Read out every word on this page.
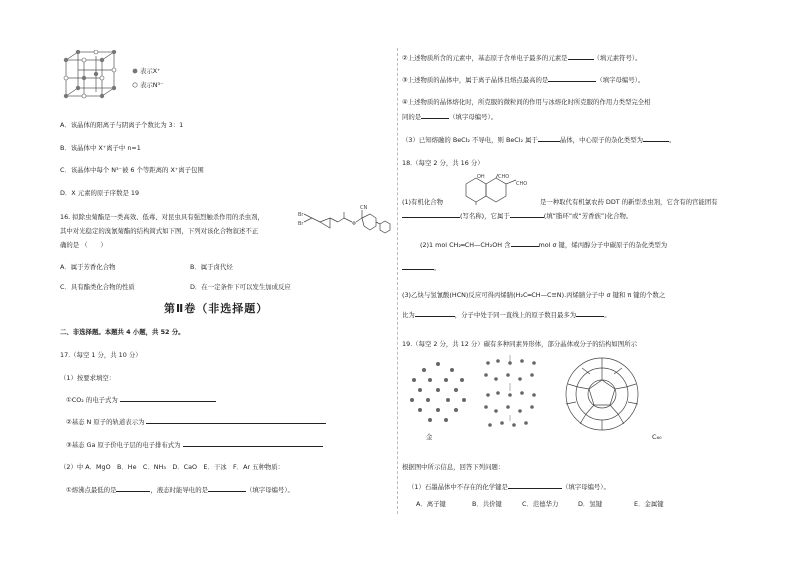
表示X⁺
表示N³⁻
A．该晶体的阳离子与阴离子个数比为 3：1
B．该晶体中 X⁺离子中 n=1
C．该晶体中每个 N³⁻被 6 个等距离的 X⁺离子包围
D．X 元素的原子序数是 19
16. 拟除虫菊酯是一类高效、低毒、对昆虫具有强烈触杀作用的杀虫剂，
其中对光稳定的溴氰菊酯的结构简式如下图，下列对该化合物叙述不正
确的是 （　　）
Br
Br
CN
A．属于芳香化合物	B．属于卤代烃
C．具有酯类化合物的性质	D．在一定条件下可以发生加成反应
第Ⅱ卷（非选择题）
二、非选择题。本题共 4 小题，共 52 分。
17.（每空 1 分，共 10 分）
（1）按要求填空：
①CO₂ 的电子式为
②基态 N 原子的轨道表示为
③基态 Ga 原子价电子层的电子排布式为
（2）中 A．MgO　B．He　C．NH₃　D．CaO　E．干冰　F．Ar 五种物质：
①熔沸点最低的是	，液态时能导电的是	（填字母编号）。
②上述物质所含的元素中，基态原子含单电子最多的元素是	（填元素符号）。
③上述物质的晶体中，属于离子晶体且熔点最高的是	（填字母编号）。
④上述物质的晶体熔化时，所克服的微粒间的作用与冰熔化时所克服的作用力类型完全相
同的是	（填字母编号）。
（3）已知熔融的 BeCl₂ 不导电，则 BeCl₂ 属于	晶体，中心原子的杂化类型为	。
18.（每空 2 分，共 16 分）
OH	CHO
CHO
(1)有机化合物	是一种取代有机氯农药 DDT 的新型杀虫剂，它含有的官能团有
(写名称)，它属于	(填“脂环”或“芳香族”)化合物。
(2)1 mol CH₂═CH—CH₂OH 含	mol σ 键，烯丙醇分子中碳原子的杂化类型为
。
(3)乙炔与氢氰酸(HCN)反应可得丙烯腈(H₂C═CH—C≡N).丙烯腈分子中 σ 键和 π 键的个数之
比为	，分子中处于同一直线上的原子数目最多为	。
19.（每空 2 分，共 12 分）碳有多种同素异形体，部分晶体或分子的结构如图所示
金	C₆₀
根据图中所示信息，回答下列问题：
（1）石墨晶体中不存在的化学键是	（填字母编号）。
A．离子键	B．共价键	C．范德华力	D．氢键	E．金属键
